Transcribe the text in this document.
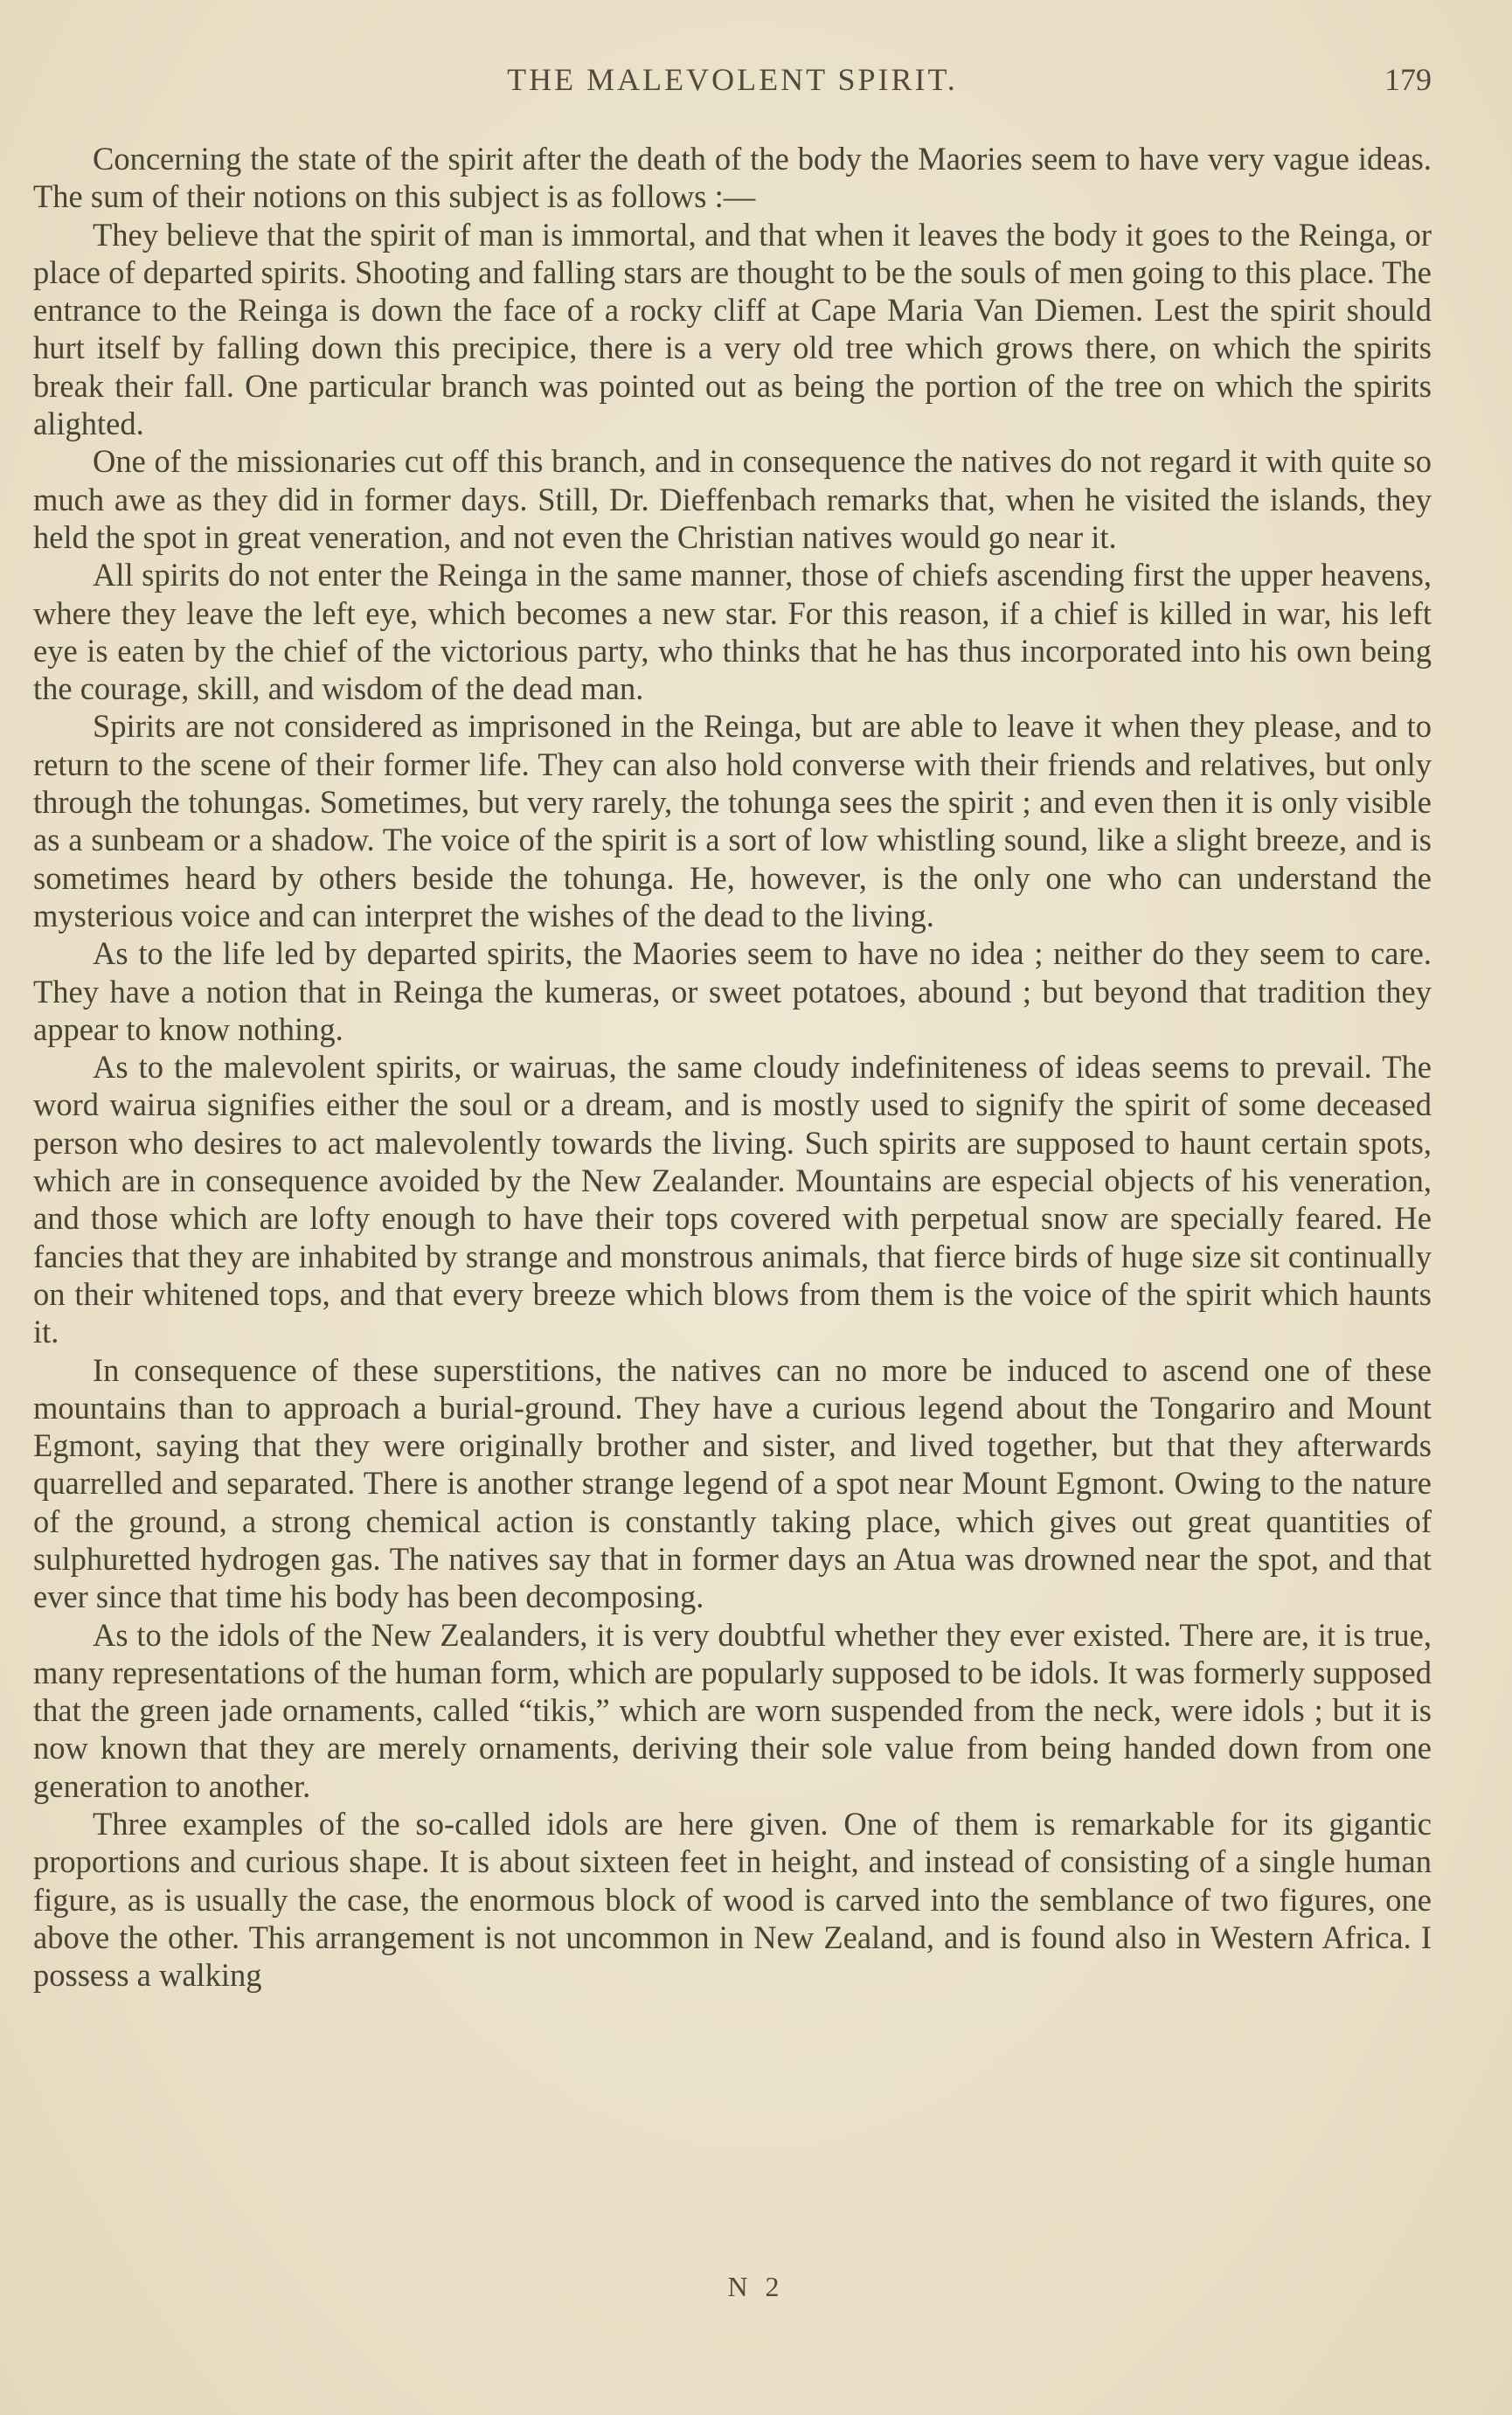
THE MALEVOLENT SPIRIT.	179

Concerning the state of the spirit after the death of the body the Maories seem to have very vague ideas. The sum of their notions on this subject is as follows :—

They believe that the spirit of man is immortal, and that when it leaves the body it goes to the Reinga, or place of departed spirits. Shooting and falling stars are thought to be the souls of men going to this place. The entrance to the Reinga is down the face of a rocky cliff at Cape Maria Van Diemen. Lest the spirit should hurt itself by falling down this precipice, there is a very old tree which grows there, on which the spirits break their fall. One particular branch was pointed out as being the portion of the tree on which the spirits alighted.

One of the missionaries cut off this branch, and in consequence the natives do not regard it with quite so much awe as they did in former days. Still, Dr. Dieffenbach remarks that, when he visited the islands, they held the spot in great veneration, and not even the Christian natives would go near it.

All spirits do not enter the Reinga in the same manner, those of chiefs ascending first the upper heavens, where they leave the left eye, which becomes a new star. For this reason, if a chief is killed in war, his left eye is eaten by the chief of the victorious party, who thinks that he has thus incorporated into his own being the courage, skill, and wisdom of the dead man.

Spirits are not considered as imprisoned in the Reinga, but are able to leave it when they please, and to return to the scene of their former life. They can also hold converse with their friends and relatives, but only through the tohungas. Sometimes, but very rarely, the tohunga sees the spirit ; and even then it is only visible as a sunbeam or a shadow. The voice of the spirit is a sort of low whistling sound, like a slight breeze, and is sometimes heard by others beside the tohunga. He, however, is the only one who can understand the mysterious voice and can interpret the wishes of the dead to the living.

As to the life led by departed spirits, the Maories seem to have no idea ; neither do they seem to care. They have a notion that in Reinga the kumeras, or sweet potatoes, abound ; but beyond that tradition they appear to know nothing.

As to the malevolent spirits, or wairuas, the same cloudy indefiniteness of ideas seems to prevail. The word wairua signifies either the soul or a dream, and is mostly used to signify the spirit of some deceased person who desires to act malevolently towards the living. Such spirits are supposed to haunt certain spots, which are in consequence avoided by the New Zealander. Mountains are especial objects of his veneration, and those which are lofty enough to have their tops covered with perpetual snow are specially feared. He fancies that they are inhabited by strange and monstrous animals, that fierce birds of huge size sit continually on their whitened tops, and that every breeze which blows from them is the voice of the spirit which haunts it.

In consequence of these superstitions, the natives can no more be induced to ascend one of these mountains than to approach a burial-ground. They have a curious legend about the Tongariro and Mount Egmont, saying that they were originally brother and sister, and lived together, but that they afterwards quarrelled and separated. There is another strange legend of a spot near Mount Egmont. Owing to the nature of the ground, a strong chemical action is constantly taking place, which gives out great quantities of sulphuretted hydrogen gas. The natives say that in former days an Atua was drowned near the spot, and that ever since that time his body has been decomposing.

As to the idols of the New Zealanders, it is very doubtful whether they ever existed. There are, it is true, many representations of the human form, which are popularly supposed to be idols. It was formerly supposed that the green jade ornaments, called “tikis,” which are worn suspended from the neck, were idols ; but it is now known that they are merely ornaments, deriving their sole value from being handed down from one generation to another.

Three examples of the so-called idols are here given. One of them is remarkable for its gigantic proportions and curious shape. It is about sixteen feet in height, and instead of consisting of a single human figure, as is usually the case, the enormous block of wood is carved into the semblance of two figures, one above the other. This arrangement is not uncommon in New Zealand, and is found also in Western Africa. I possess a walking

N 2
